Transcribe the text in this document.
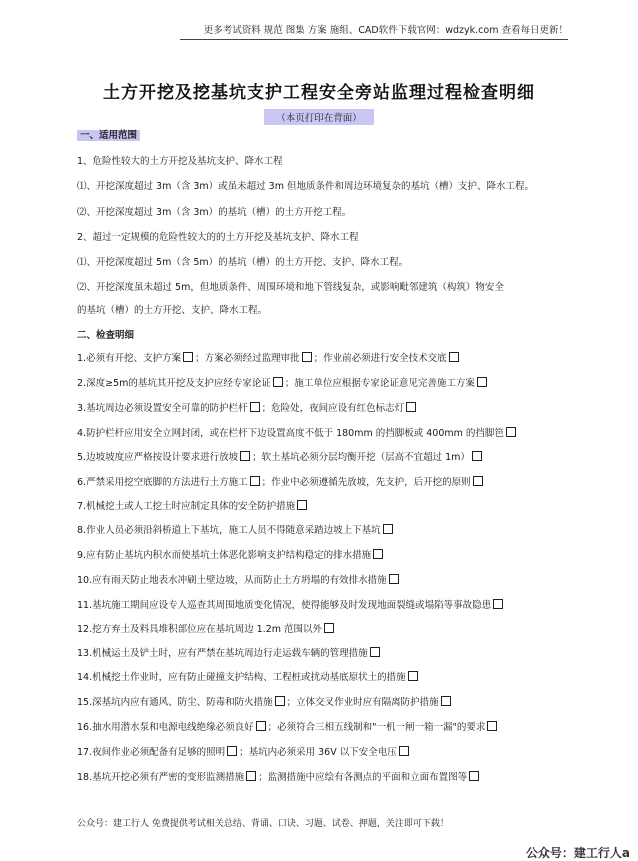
更多考试资料 规范 图集 方案 施组、CAD软件下载官网：wdzyk.com 查看每日更新！
土方开挖及挖基坑支护工程安全旁站监理过程检查明细
（本页打印在背面）
一、适用范围
1、危险性较大的土方开挖及基坑支护、降水工程
⑴、开挖深度超过 3m（含 3m）或虽未超过 3m 但地质条件和周边环境复杂的基坑（槽）支护、降水工程。
⑵、开挖深度超过 3m（含 3m）的基坑（槽）的土方开挖工程。
2、超过一定规模的危险性较大的的土方开挖及基坑支护、降水工程
⑴、开挖深度超过 5m（含 5m）的基坑（槽）的土方开挖、支护、降水工程。
⑵、开挖深度虽未超过 5m，但地质条件、周围环境和地下管线复杂，或影响毗邻建筑（构筑）物安全
的基坑（槽）的土方开挖、支护、降水工程。
二、检查明细
1.必须有开挖、支护方案 ；方案必须经过监理审批 ；作业前必须进行安全技术交底
2.深度≥5m的基坑其开挖及支护应经专家论证 ；施工单位应根据专家论证意见完善施工方案
3.基坑周边必须设置安全可靠的防护栏杆 ；危险处，夜间应设有红色标志灯
4.防护栏杆应用安全立网封闭，或在栏杆下边设置高度不低于 180mm 的挡脚板或 400mm 的挡脚笆
5.边坡坡度应严格按设计要求进行放坡 ；软土基坑必须分层均衡开挖（层高不宜超过 1m）
6.严禁采用挖空底脚的方法进行土方施工 ；作业中必须遵循先放坡，先支护，后开挖的原则
7.机械挖土或人工挖土时应制定具体的安全防护措施
8.作业人员必须沿斜桥道上下基坑，施工人员不得随意采踏边坡上下基坑
9.应有防止基坑内积水而使基坑土体恶化影响支护结构稳定的排水措施
10.应有雨天防止地表水冲刷土壁边坡，从而防止土方坍塌的有效排水措施
11.基坑施工期间应设专人巡查其周围地质变化情况，使得能够及时发现地面裂缝或塌陷等事故隐患
12.挖方弃土及料具堆积部位应在基坑周边 1.2m 范围以外
13.机械运土及铲土时，应有严禁在基坑周边行走运载车辆的管理措施
14.机械挖土作业时，应有防止碰撞支护结构、工程桩或扰动基底原状土的措施
15.深基坑内应有通风、防尘、防毒和防火措施 ；立体交叉作业时应有隔离防护措施
16.抽水用潜水泵和电源电线绝缘必须良好 ；必须符合三相五线制和"一机一闸一箱一漏"的要求
17.夜间作业必须配备有足够的照明 ；基坑内必须采用 36V 以下安全电压
18.基坑开挖必须有严密的变形监测措施 ；监测措施中应绘有各测点的平面和立面布置图等
公众号：建工行人 免费提供考试相关总结、背诵、口诀、习题、试卷、押题，关注即可下载！
公众号：建工行人a
